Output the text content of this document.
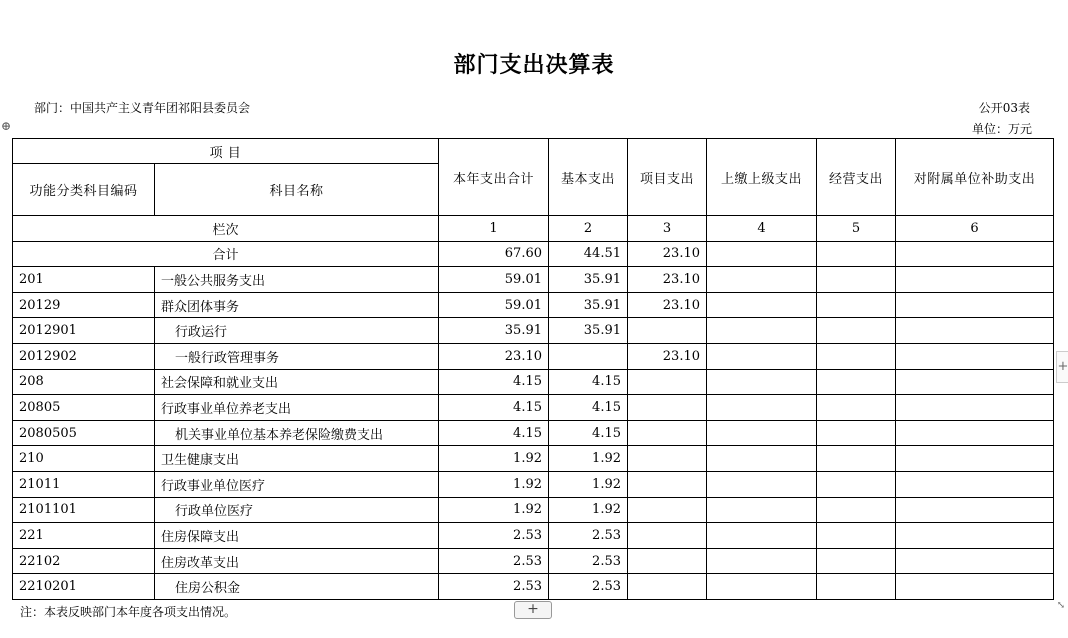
部门支出决算表
部门：中国共产主义青年团祁阳县委员会	公开03表
单位：万元
⊕
项 目		本年支出合计	基本支出	项目支出	上缴上级支出	经营支出	对附属单位补助支出
功能分类科目编码	科目名称						
栏次		1	2	3	4	5	6
合计		67.60	44.51	23.10			
201	一般公共服务支出	59.01	35.91	23.10			
20129	群众团体事务	59.01	35.91	23.10			
2012901	行政运行	35.91	35.91				
2012902	一般行政管理事务	23.10		23.10			
208	社会保障和就业支出	4.15	4.15				
20805	行政事业单位养老支出	4.15	4.15				
2080505	机关事业单位基本养老保险缴费支出	4.15	4.15				
210	卫生健康支出	1.92	1.92				
21011	行政事业单位医疗	1.92	1.92				
2101101	行政单位医疗	1.92	1.92				
221	住房保障支出	2.53	2.53				
22102	住房改革支出	2.53	2.53				
2210201	住房公积金	2.53	2.53				
注：本表反映部门本年度各项支出情况。	+
+
⤡
